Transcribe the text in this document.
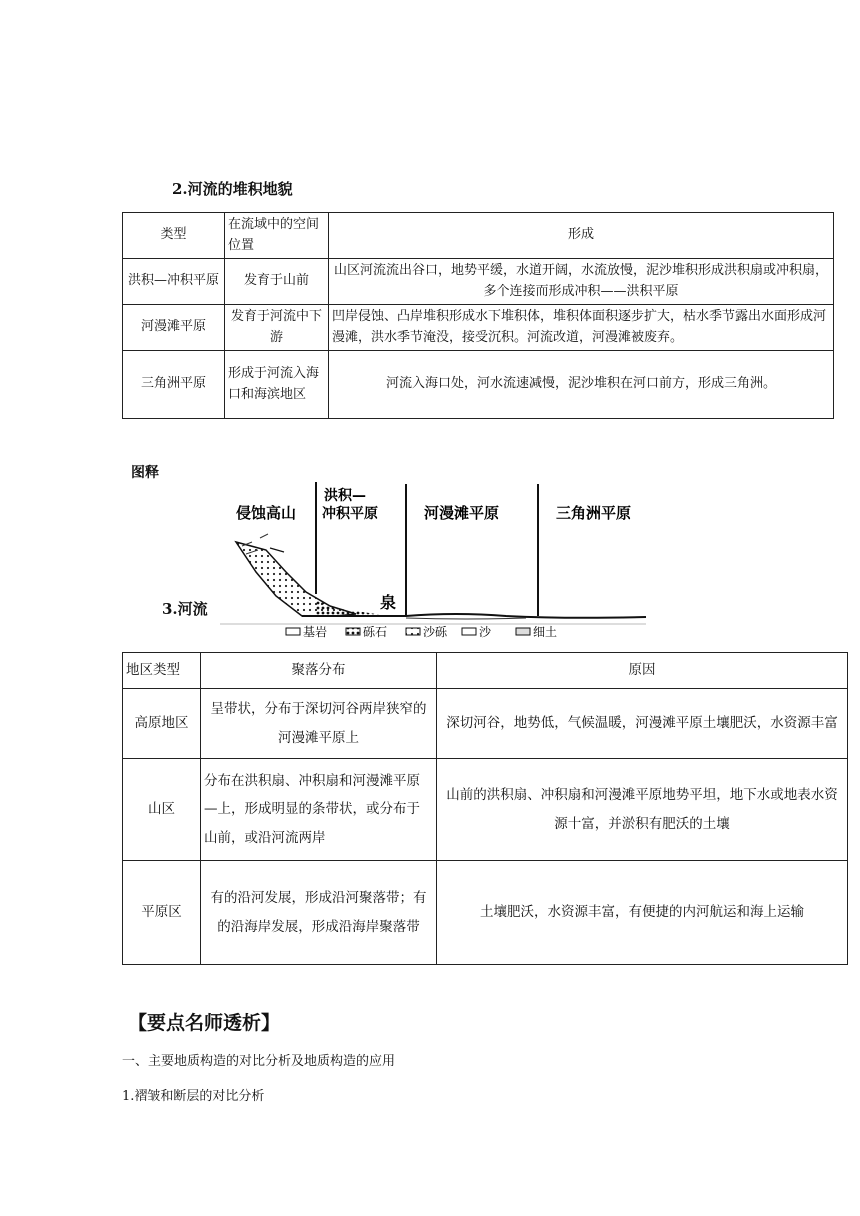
2.河流的堆积地貌
类型	在流域中的空间位置	形成
洪积—冲积平原	发育于山前	山区河流流出谷口，地势平缓，水道开阔，水流放慢，泥沙堆积形成洪积扇或冲积扇，多个连接而形成冲积——洪积平原
河漫滩平原	发育于河流中下游	凹岸侵蚀、凸岸堆积形成水下堆积体，堆积体面积逐步扩大，枯水季节露出水面形成河漫滩，洪水季节淹没，接受沉积。河流改道，河漫滩被废弃。
三角洲平原	形成于河流入海口和海滨地区	河流入海口处，河水流速减慢，泥沙堆积在河口前方，形成三角洲。
图释
侵蚀高山
洪积—
冲积平原	河漫滩平原	三角洲平原
泉
基岩	砾石	沙砾	沙	细土
3.河流
地区类型	聚落分布	原因
高原地区	呈带状，分布于深切河谷两岸狭窄的河漫滩平原上	深切河谷，地势低，气候温暖，河漫滩平原土壤肥沃，水资源丰富
山区	分布在洪积扇、冲积扇和河漫滩平原—上，形成明显的条带状，或分布于山前，或沿河流两岸	山前的洪积扇、冲积扇和河漫滩平原地势平坦，地下水或地表水资源十富，并淤积有肥沃的土壤
平原区	有的沿河发展，形成沿河聚落带；有的沿海岸发展，形成沿海岸聚落带	土壤肥沃，水资源丰富，有便捷的内河航运和海上运输
【要点名师透析】
一、主要地质构造的对比分析及地质构造的应用
1.褶皱和断层的对比分析
